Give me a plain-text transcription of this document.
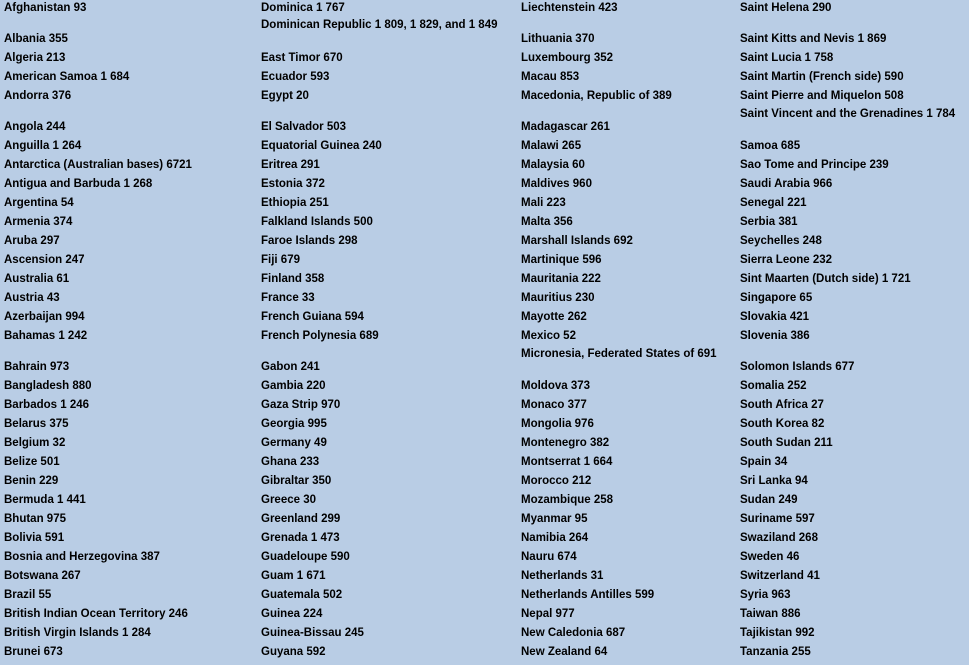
Afghanistan 93
Albania 355
Algeria 213
American Samoa 1 684
Andorra 376
Angola 244
Anguilla 1 264
Antarctica (Australian bases) 6721
Antigua and Barbuda 1 268
Argentina 54
Armenia 374
Aruba 297
Ascension 247
Australia 61
Austria 43
Azerbaijan 994
Bahamas 1 242
Bahrain 973
Bangladesh 880
Barbados 1 246
Belarus 375
Belgium 32
Belize 501
Benin 229
Bermuda 1 441
Bhutan 975
Bolivia 591
Bosnia and Herzegovina 387
Botswana 267
Brazil 55
British Indian Ocean Territory 246
British Virgin Islands 1 284
Brunei 673
Dominica 1 767
Dominican Republic 1 809, 1 829, and 1 849
East Timor 670
Ecuador 593
Egypt 20
El Salvador 503
Equatorial Guinea 240
Eritrea 291
Estonia 372
Ethiopia 251
Falkland Islands 500
Faroe Islands 298
Fiji 679
Finland 358
France 33
French Guiana 594
French Polynesia 689
Gabon 241
Gambia 220
Gaza Strip 970
Georgia 995
Germany 49
Ghana 233
Gibraltar 350
Greece 30
Greenland 299
Grenada 1 473
Guadeloupe 590
Guam 1 671
Guatemala 502
Guinea 224
Guinea-Bissau 245
Guyana 592
Liechtenstein 423
Lithuania 370
Luxembourg 352
Macau 853
Macedonia, Republic of 389
Madagascar 261
Malawi 265
Malaysia 60
Maldives 960
Mali 223
Malta 356
Marshall Islands 692
Martinique 596
Mauritania 222
Mauritius 230
Mayotte 262
Mexico 52
Micronesia, Federated States of 691
Moldova 373
Monaco 377
Mongolia 976
Montenegro 382
Montserrat 1 664
Morocco 212
Mozambique 258
Myanmar 95
Namibia 264
Nauru 674
Netherlands 31
Netherlands Antilles 599
Nepal 977
New Caledonia 687
New Zealand 64
Saint Helena 290
Saint Kitts and Nevis 1 869
Saint Lucia 1 758
Saint Martin (French side) 590
Saint Pierre and Miquelon 508
Saint Vincent and the Grenadines 1 784
Samoa 685
Sao Tome and Principe 239
Saudi Arabia 966
Senegal 221
Serbia 381
Seychelles 248
Sierra Leone 232
Sint Maarten (Dutch side) 1 721
Singapore 65
Slovakia 421
Slovenia 386
Solomon Islands 677
Somalia 252
South Africa 27
South Korea 82
South Sudan 211
Spain 34
Sri Lanka 94
Sudan 249
Suriname 597
Swaziland 268
Sweden 46
Switzerland 41
Syria 963
Taiwan 886
Tajikistan 992
Tanzania 255
